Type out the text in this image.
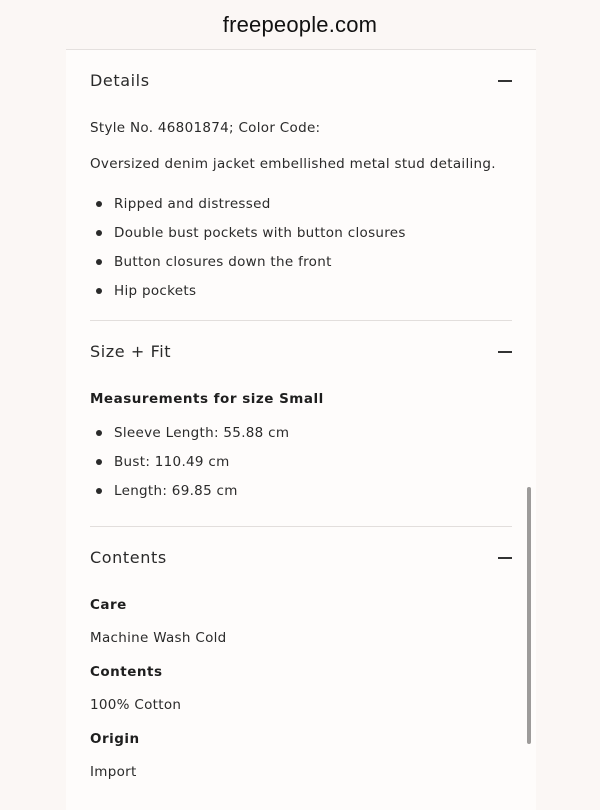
freepeople.com
Details

Style No. 46801874; Color Code:

Oversized denim jacket embellished metal stud detailing.

Ripped and distressed
Double bust pockets with button closures
Button closures down the front
Hip pockets
Size + Fit
Measurements for size Small
Sleeve Length: 55.88 cm
Bust: 110.49 cm
Length: 69.85 cm
Contents
Care
Machine Wash Cold
Contents
100% Cotton
Origin
Import
